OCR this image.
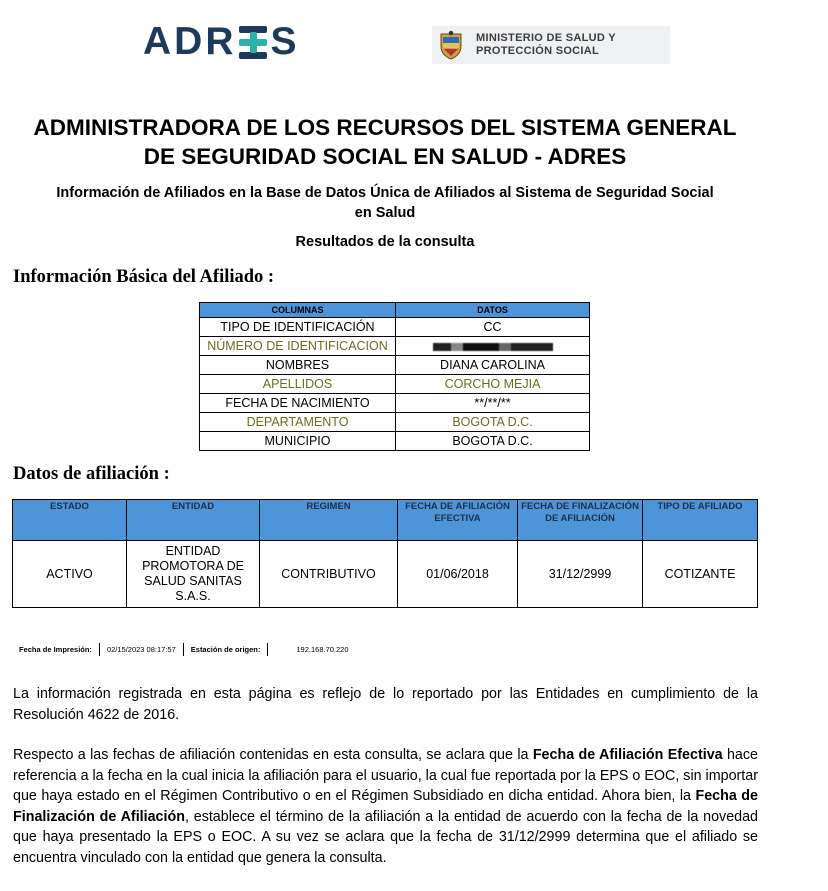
AD R S	MINISTERIO DE SALUD Y
PROTECCIÓN SOCIAL
ADMINISTRADORA DE LOS RECURSOS DEL SISTEMA GENERAL
DE SEGURIDAD SOCIAL EN SALUD - ADRES
Información de Afiliados en la Base de Datos Única de Afiliados al Sistema de Seguridad Social
en Salud
Resultados de la consulta
Información Básica del Afiliado :
COLUMNAS	DATOS
TIPO DE IDENTIFICACIÓN	CC
NÚMERO DE IDENTIFICACION	
NOMBRES	DIANA CAROLINA
APELLIDOS	CORCHO MEJIA
FECHA DE NACIMIENTO	**/**/**
DEPARTAMENTO	BOGOTA D.C.
MUNICIPIO	BOGOTA D.C.
Datos de afiliación :
ESTADO	ENTIDAD	REGIMEN	FECHA DE AFILIACIÓN EFECTIVA	FECHA DE FINALIZACIÓN DE AFILIACIÓN	TIPO DE AFILIADO
ACTIVO	ENTIDAD PROMOTORA DE SALUD SANITAS S.A.S.	CONTRIBUTIVO	01/06/2018	31/12/2999	COTIZANTE
Fecha de Impresión: 02/15/2023 08:17:57 Estación de origen:	192.168.70.220
La información registrada en esta página es reflejo de lo reportado por las Entidades en cumplimiento de la Resolución 4622 de 2016.
Respecto a las fechas de afiliación contenidas en esta consulta, se aclara que la Fecha de Afiliación Efectiva hace referencia a la fecha en la cual inicia la afiliación para el usuario, la cual fue reportada por la EPS o EOC, sin importar que haya estado en el Régimen Contributivo o en el Régimen Subsidiado en dicha entidad. Ahora bien, la Fecha de Finalización de Afiliación, establece el término de la afiliación a la entidad de acuerdo con la fecha de la novedad que haya presentado la EPS o EOC. A su vez se aclara que la fecha de 31/12/2999 determina que el afiliado se encuentra vinculado con la entidad que genera la consulta.
